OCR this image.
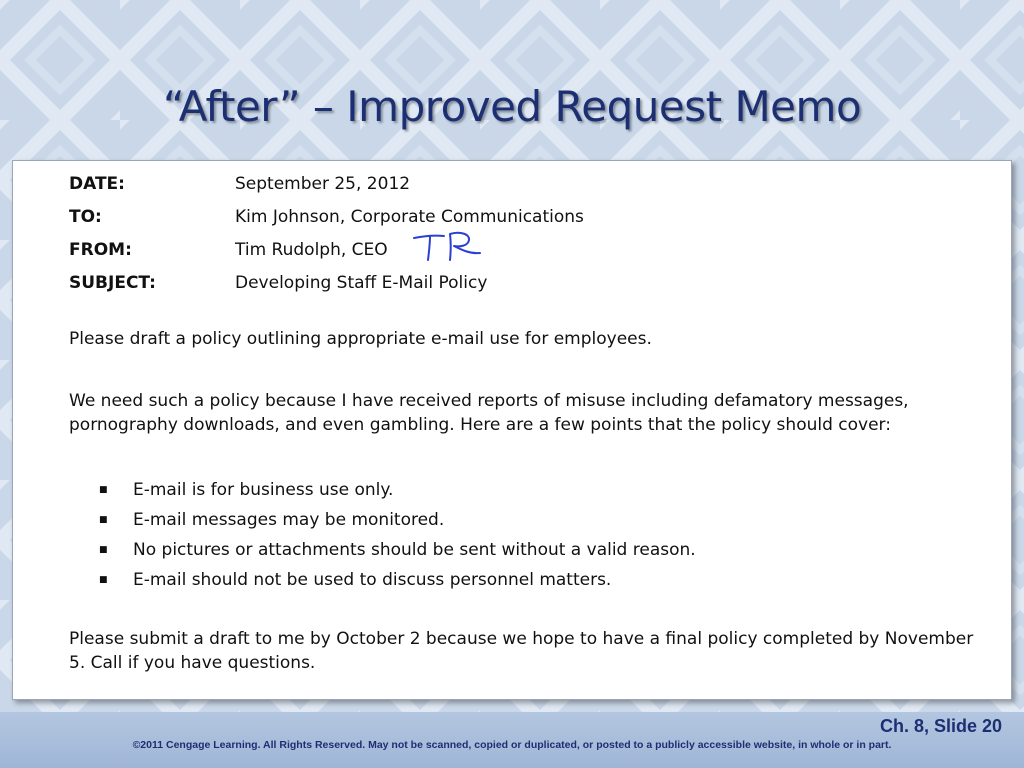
“After” – Improved Request Memo
DATE:	September 25, 2012
TO:	Kim Johnson, Corporate Communications
FROM:	Tim Rudolph, CEO
SUBJECT:	Developing Staff E-Mail Policy

Please draft a policy outlining appropriate e-mail use for employees.

We need such a policy because I have received reports of misuse including defamatory messages, pornography downloads, and even gambling. Here are a few points that the policy should cover:

■	E-mail is for business use only.
■	E-mail messages may be monitored.
■	No pictures or attachments should be sent without a valid reason.
■	E-mail should not be used to discuss personnel matters.

Please submit a draft to me by October 2 because we hope to have a final policy completed by November 5. Call if you have questions.

Ch. 8, Slide 20
©2011 Cengage Learning. All Rights Reserved. May not be scanned, copied or duplicated, or posted to a publicly accessible website, in whole or in part.
